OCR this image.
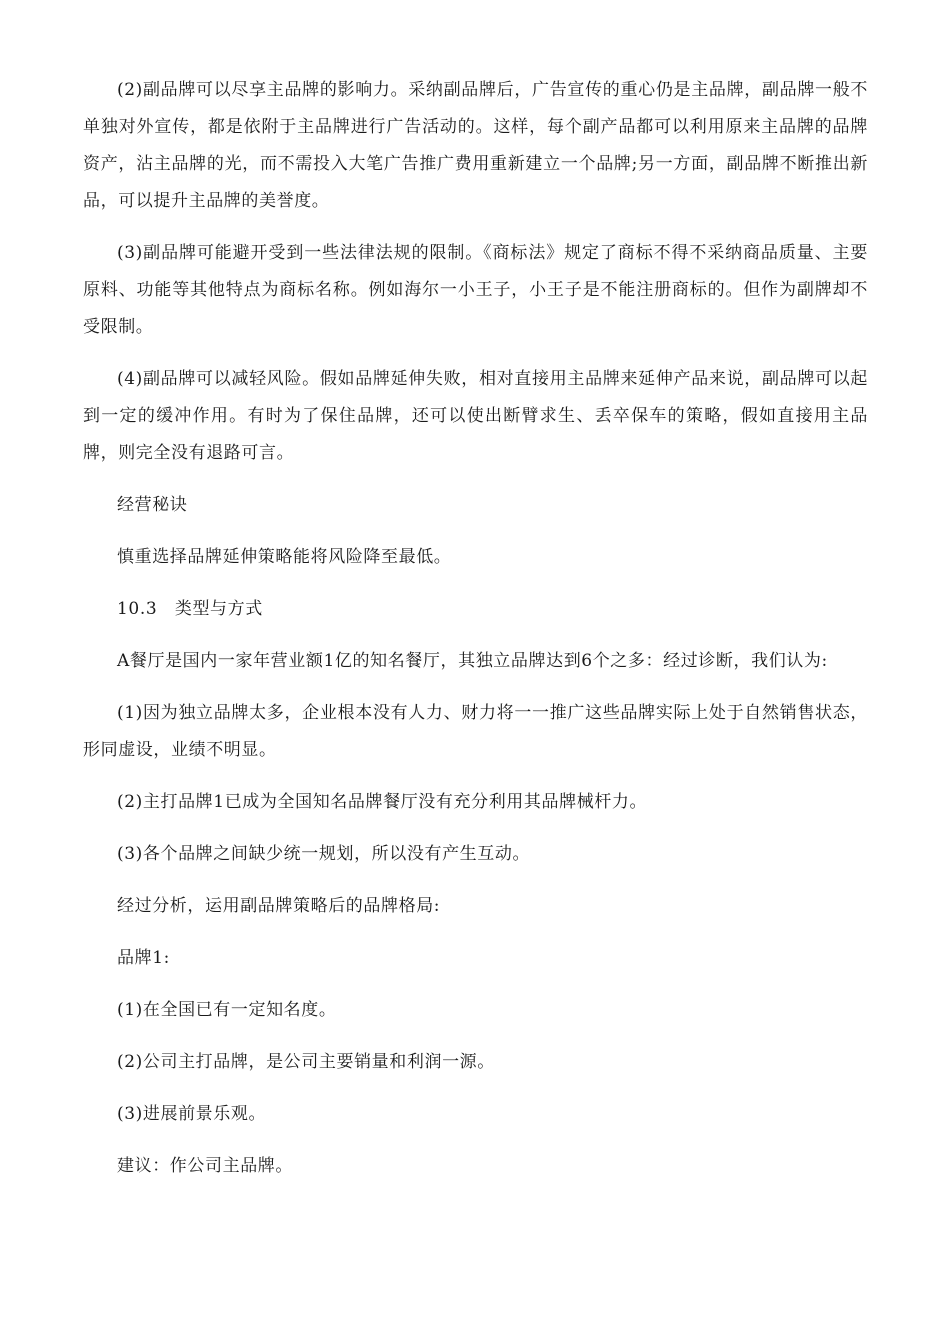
(2)副品牌可以尽享主品牌的影响力。采纳副品牌后，广告宣传的重心仍是主品牌，副品牌一般不单独对外宣传，都是依附于主品牌进行广告活动的。这样，每个副产品都可以利用原来主品牌的品牌资产，沾主品牌的光，而不需投入大笔广告推广费用重新建立一个品牌;另一方面，副品牌不断推出新品，可以提升主品牌的美誉度。

(3)副品牌可能避开受到一些法律法规的限制。《商标法》规定了商标不得不采纳商品质量、主要原料、功能等其他特点为商标名称。例如海尔一小王子，小王子是不能注册商标的。但作为副牌却不受限制。

(4)副品牌可以减轻风险。假如品牌延伸失败，相对直接用主品牌来延伸产品来说，副品牌可以起到一定的缓冲作用。有时为了保住品牌，还可以使出断臂求生、丢卒保车的策略，假如直接用主品牌，则完全没有退路可言。

经营秘诀

慎重选择品牌延伸策略能将风险降至最低。

10.3　类型与方式

A餐厅是国内一家年营业额1亿的知名餐厅，其独立品牌达到6个之多：经过诊断，我们认为:

(1)因为独立品牌太多，企业根本没有人力、财力将一一推广这些品牌实际上处于自然销售状态，形同虚设，业绩不明显。

(2)主打品牌1已成为全国知名品牌餐厅没有充分利用其品牌械杆力。

(3)各个品牌之间缺少统一规划，所以没有产生互动。

经过分析，运用副品牌策略后的品牌格局:

品牌1:

(1)在全国已有一定知名度。

(2)公司主打品牌，是公司主要销量和利润一源。

(3)进展前景乐观。

建议：作公司主品牌。
